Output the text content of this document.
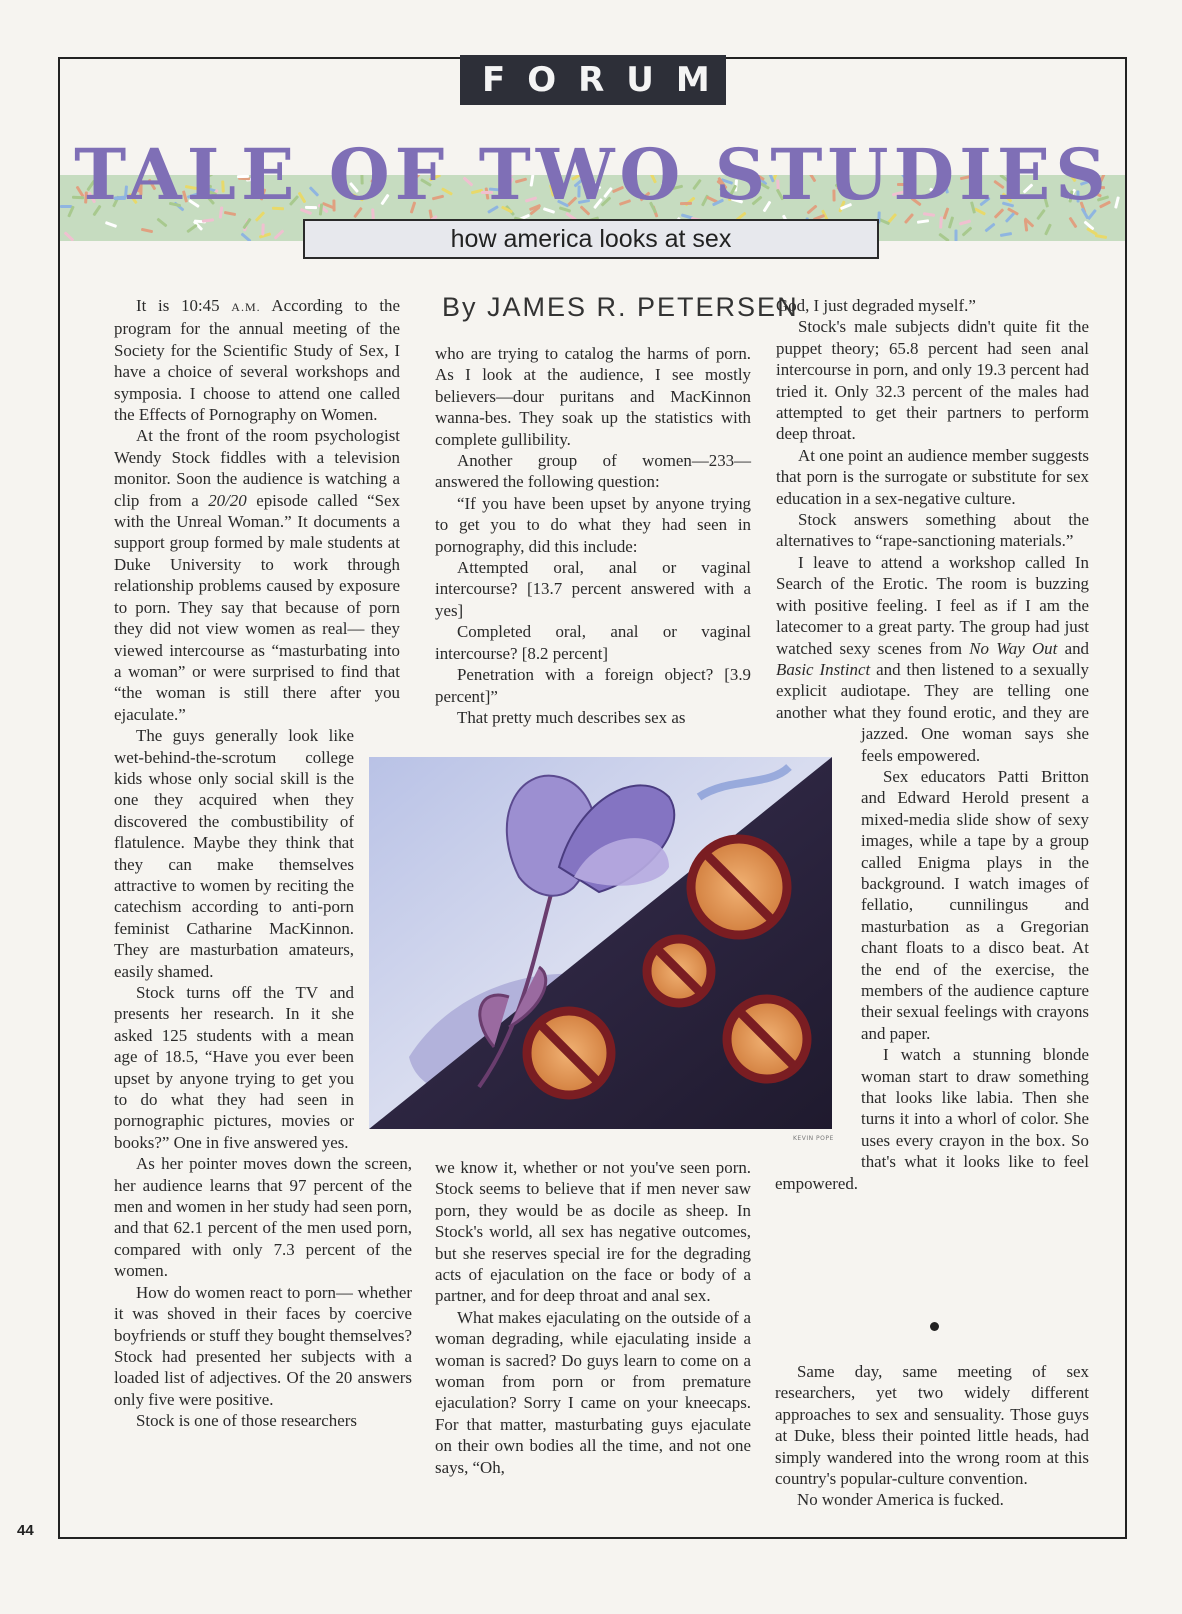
TALE OF TWO STUDIES
FORUM
how america looks at sex

It is 10:45 A.M. According to the program for the annual meeting of the Society for the Scientific Study of Sex, I have a choice of several workshops and symposia. I choose to attend one called the Effects of Pornography on Women.

At the front of the room psychologist Wendy Stock fiddles with a television monitor. Soon the audience is watching a clip from a 20/20 episode called “Sex with the Unreal Woman.” It documents a support group formed by male students at Duke University to work through relationship problems caused by exposure to porn. They say that because of porn they did not view women as real— they viewed intercourse as “masturbating into a woman” or were surprised to find that “the woman is still there after you ejaculate.”

The guys generally look like wet-behind-the-scrotum college kids whose only social skill is the one they acquired when they discovered the combustibility of flatulence. Maybe they think that they can make themselves attractive to women by reciting the catechism according to anti-porn feminist Catharine MacKinnon. They are masturbation amateurs, easily shamed.

Stock turns off the TV and presents her research. In it she asked 125 students with a mean age of 18.5, “Have you ever been upset by anyone trying to get you to do what they had seen in pornographic pictures, movies or books?” One in five answered yes.

As her pointer moves down the screen, her audience learns that 97 percent of the men and women in her study had seen porn, and that 62.1 percent of the men used porn, compared with only 7.3 percent of the women.

How do women react to porn— whether it was shoved in their faces by coercive boyfriends or stuff they bought themselves? Stock had presented her subjects with a loaded list of adjectives. Of the 20 answers only five were positive.

Stock is one of those researchers

By JAMES R. PETERSEN

who are trying to catalog the harms of porn. As I look at the audience, I see mostly believers—dour puritans and MacKinnon wanna-bes. They soak up the statistics with complete gullibility.

Another group of women—233— answered the following question:

“If you have been upset by anyone trying to get you to do what they had seen in pornography, did this include:

Attempted oral, anal or vaginal intercourse? [13.7 percent answered with a yes]

Completed oral, anal or vaginal intercourse? [8.2 percent]

Penetration with a foreign object? [3.9 percent]”

That pretty much describes sex as

we know it, whether or not you've seen porn. Stock seems to believe that if men never saw porn, they would be as docile as sheep. In Stock's world, all sex has negative outcomes, but she reserves special ire for the degrading acts of ejaculation on the face or body of a partner, and for deep throat and anal sex.

What makes ejaculating on the outside of a woman degrading, while ejaculating inside a woman is sacred? Do guys learn to come on a woman from porn or from premature ejaculation? Sorry I came on your kneecaps. For that matter, masturbating guys ejaculate on their own bodies all the time, and not one says, “Oh,

God, I just degraded myself.”

Stock's male subjects didn't quite fit the puppet theory; 65.8 percent had seen anal intercourse in porn, and only 19.3 percent had tried it. Only 32.3 percent of the males had attempted to get their partners to perform deep throat.

At one point an audience member suggests that porn is the surrogate or substitute for sex education in a sex-negative culture.

Stock answers something about the alternatives to “rape-sanctioning materials.”

I leave to attend a workshop called In Search of the Erotic. The room is buzzing with positive feeling. I feel as if I am the latecomer to a great party. The group had just watched sexy scenes from No Way Out and Basic Instinct and then listened to a sexually explicit audiotape. They are telling one another what they found erotic, and they are jazzed. One woman says she feels empowered.

Sex educators Patti Britton and Edward Herold present a mixed-media slide show of sexy images, while a tape by a group called Enigma plays in the background. I watch images of fellatio, cunnilingus and masturbation as a Gregorian chant floats to a disco beat. At the end of the exercise, the members of the audience capture their sexual feelings with crayons and paper.

I watch a stunning blonde woman start to draw something that looks like labia. Then she turns it into a whorl of color. She uses every crayon in the box. So that's what it looks like to feel empowered.

Same day, same meeting of sex researchers, yet two widely different approaches to sex and sensuality. Those guys at Duke, bless their pointed little heads, had simply wandered into the wrong room at this country's popular-culture convention.

No wonder America is fucked.

KEVIN POPE
44
